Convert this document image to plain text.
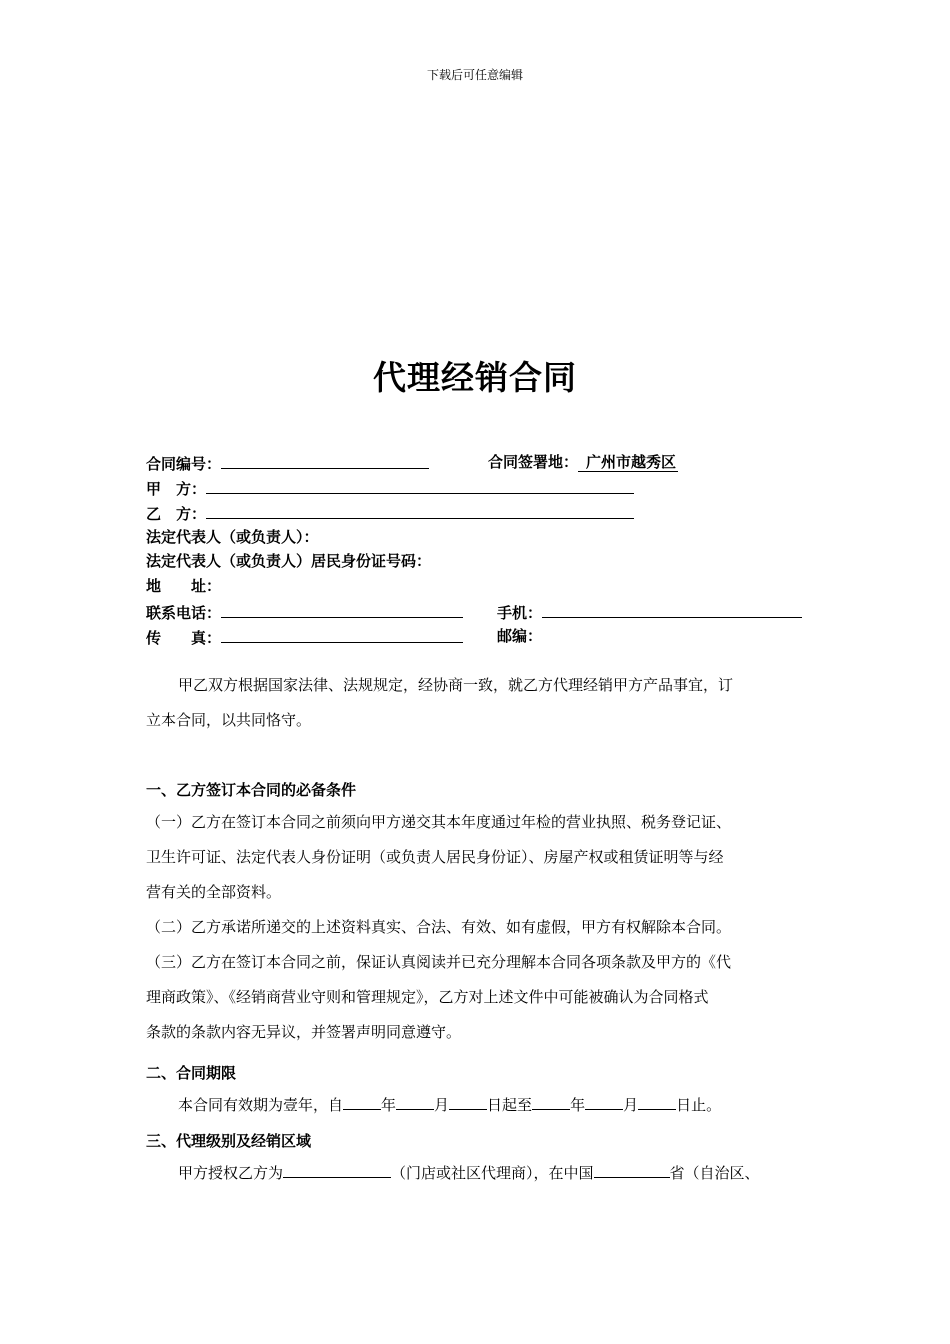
下载后可任意编辑
代理经销合同
合同编号：	合同签署地： 广州市越秀区
甲　方：
乙　方：
法定代表人（或负责人）：
法定代表人（或负责人）居民身份证号码：
地　　址：
联系电话：	手机：
传　　真：	邮编：
甲乙双方根据国家法律、法规规定，经协商一致，就乙方代理经销甲方产品事宜，订
立本合同，以共同恪守。
一、乙方签订本合同的必备条件
（一）乙方在签订本合同之前须向甲方递交其本年度通过年检的营业执照、税务登记证、
卫生许可证、法定代表人身份证明（或负责人居民身份证）、房屋产权或租赁证明等与经
营有关的全部资料。
（二）乙方承诺所递交的上述资料真实、合法、有效、如有虚假，甲方有权解除本合同。
（三）乙方在签订本合同之前，保证认真阅读并已充分理解本合同各项条款及甲方的《代
理商政策》、《经销商营业守则和管理规定》，乙方对上述文件中可能被确认为合同格式
条款的条款内容无异议，并签署声明同意遵守。
二、合同期限
本合同有效期为壹年，自	年	月	日起至	年	月	日止。
三、代理级别及经销区域
甲方授权乙方为	（门店或社区代理商），在中国	省（自治区、
